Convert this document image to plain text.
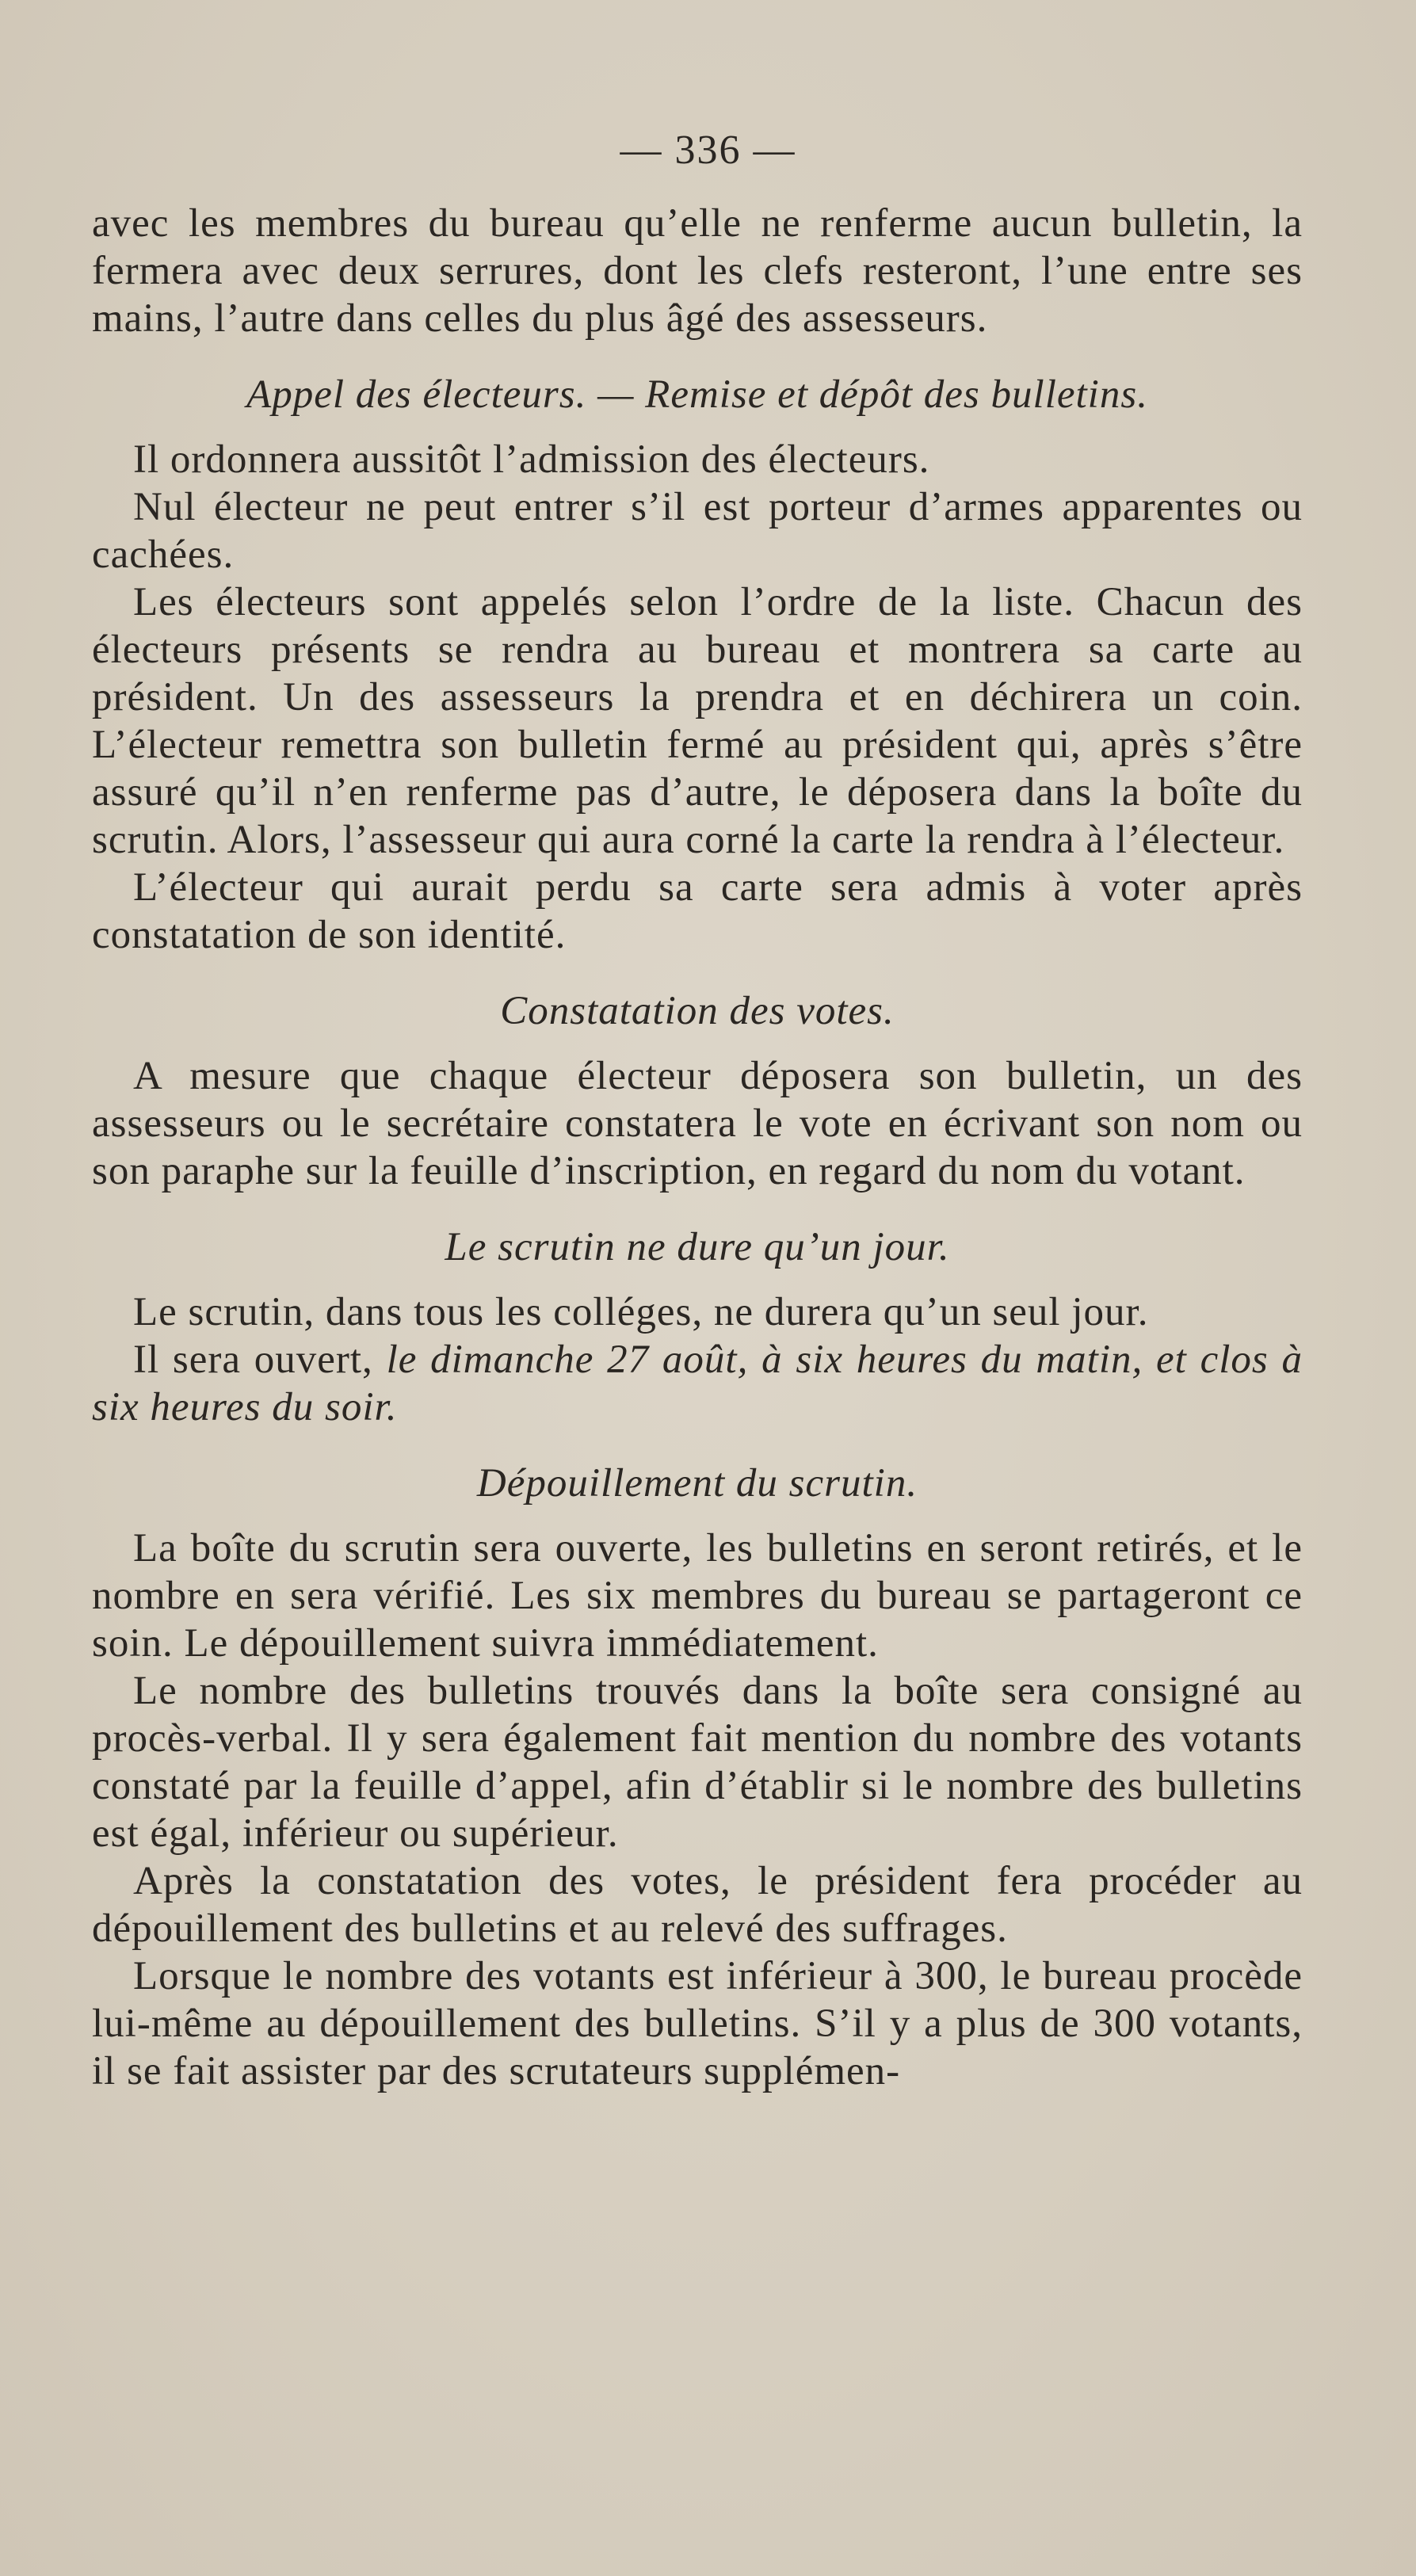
— 336 —

avec les membres du bureau qu’elle ne renferme aucun bulletin, la fermera avec deux serrures, dont les clefs resteront, l’une entre ses mains, l’autre dans celles du plus âgé des assesseurs.

Appel des électeurs. — Remise et dépôt des bulletins.

Il ordonnera aussitôt l’admission des électeurs.

Nul électeur ne peut entrer s’il est porteur d’armes apparentes ou cachées.

Les électeurs sont appelés selon l’ordre de la liste. Chacun des électeurs présents se rendra au bureau et montrera sa carte au président. Un des assesseurs la prendra et en déchirera un coin. L’électeur remettra son bulletin fermé au président qui, après s’être assuré qu’il n’en renferme pas d’autre, le déposera dans la boîte du scrutin. Alors, l’assesseur qui aura corné la carte la rendra à l’électeur.

L’électeur qui aurait perdu sa carte sera admis à voter après constatation de son identité.

Constatation des votes.

A mesure que chaque électeur déposera son bulletin, un des assesseurs ou le secrétaire constatera le vote en écrivant son nom ou son paraphe sur la feuille d’inscription, en regard du nom du votant.

Le scrutin ne dure qu’un jour.

Le scrutin, dans tous les colléges, ne durera qu’un seul jour.

Il sera ouvert, le dimanche 27 août, à six heures du matin, et clos à six heures du soir.

Dépouillement du scrutin.

La boîte du scrutin sera ouverte, les bulletins en seront retirés, et le nombre en sera vérifié. Les six membres du bureau se partageront ce soin. Le dépouillement suivra immédiatement.

Le nombre des bulletins trouvés dans la boîte sera consigné au procès-verbal. Il y sera également fait mention du nombre des votants constaté par la feuille d’appel, afin d’établir si le nombre des bulletins est égal, inférieur ou supérieur.

Après la constatation des votes, le président fera procéder au dépouillement des bulletins et au relevé des suffrages.

Lorsque le nombre des votants est inférieur à 300, le bureau procède lui-même au dépouillement des bulletins. S’il y a plus de 300 votants, il se fait assister par des scrutateurs supplémen-
